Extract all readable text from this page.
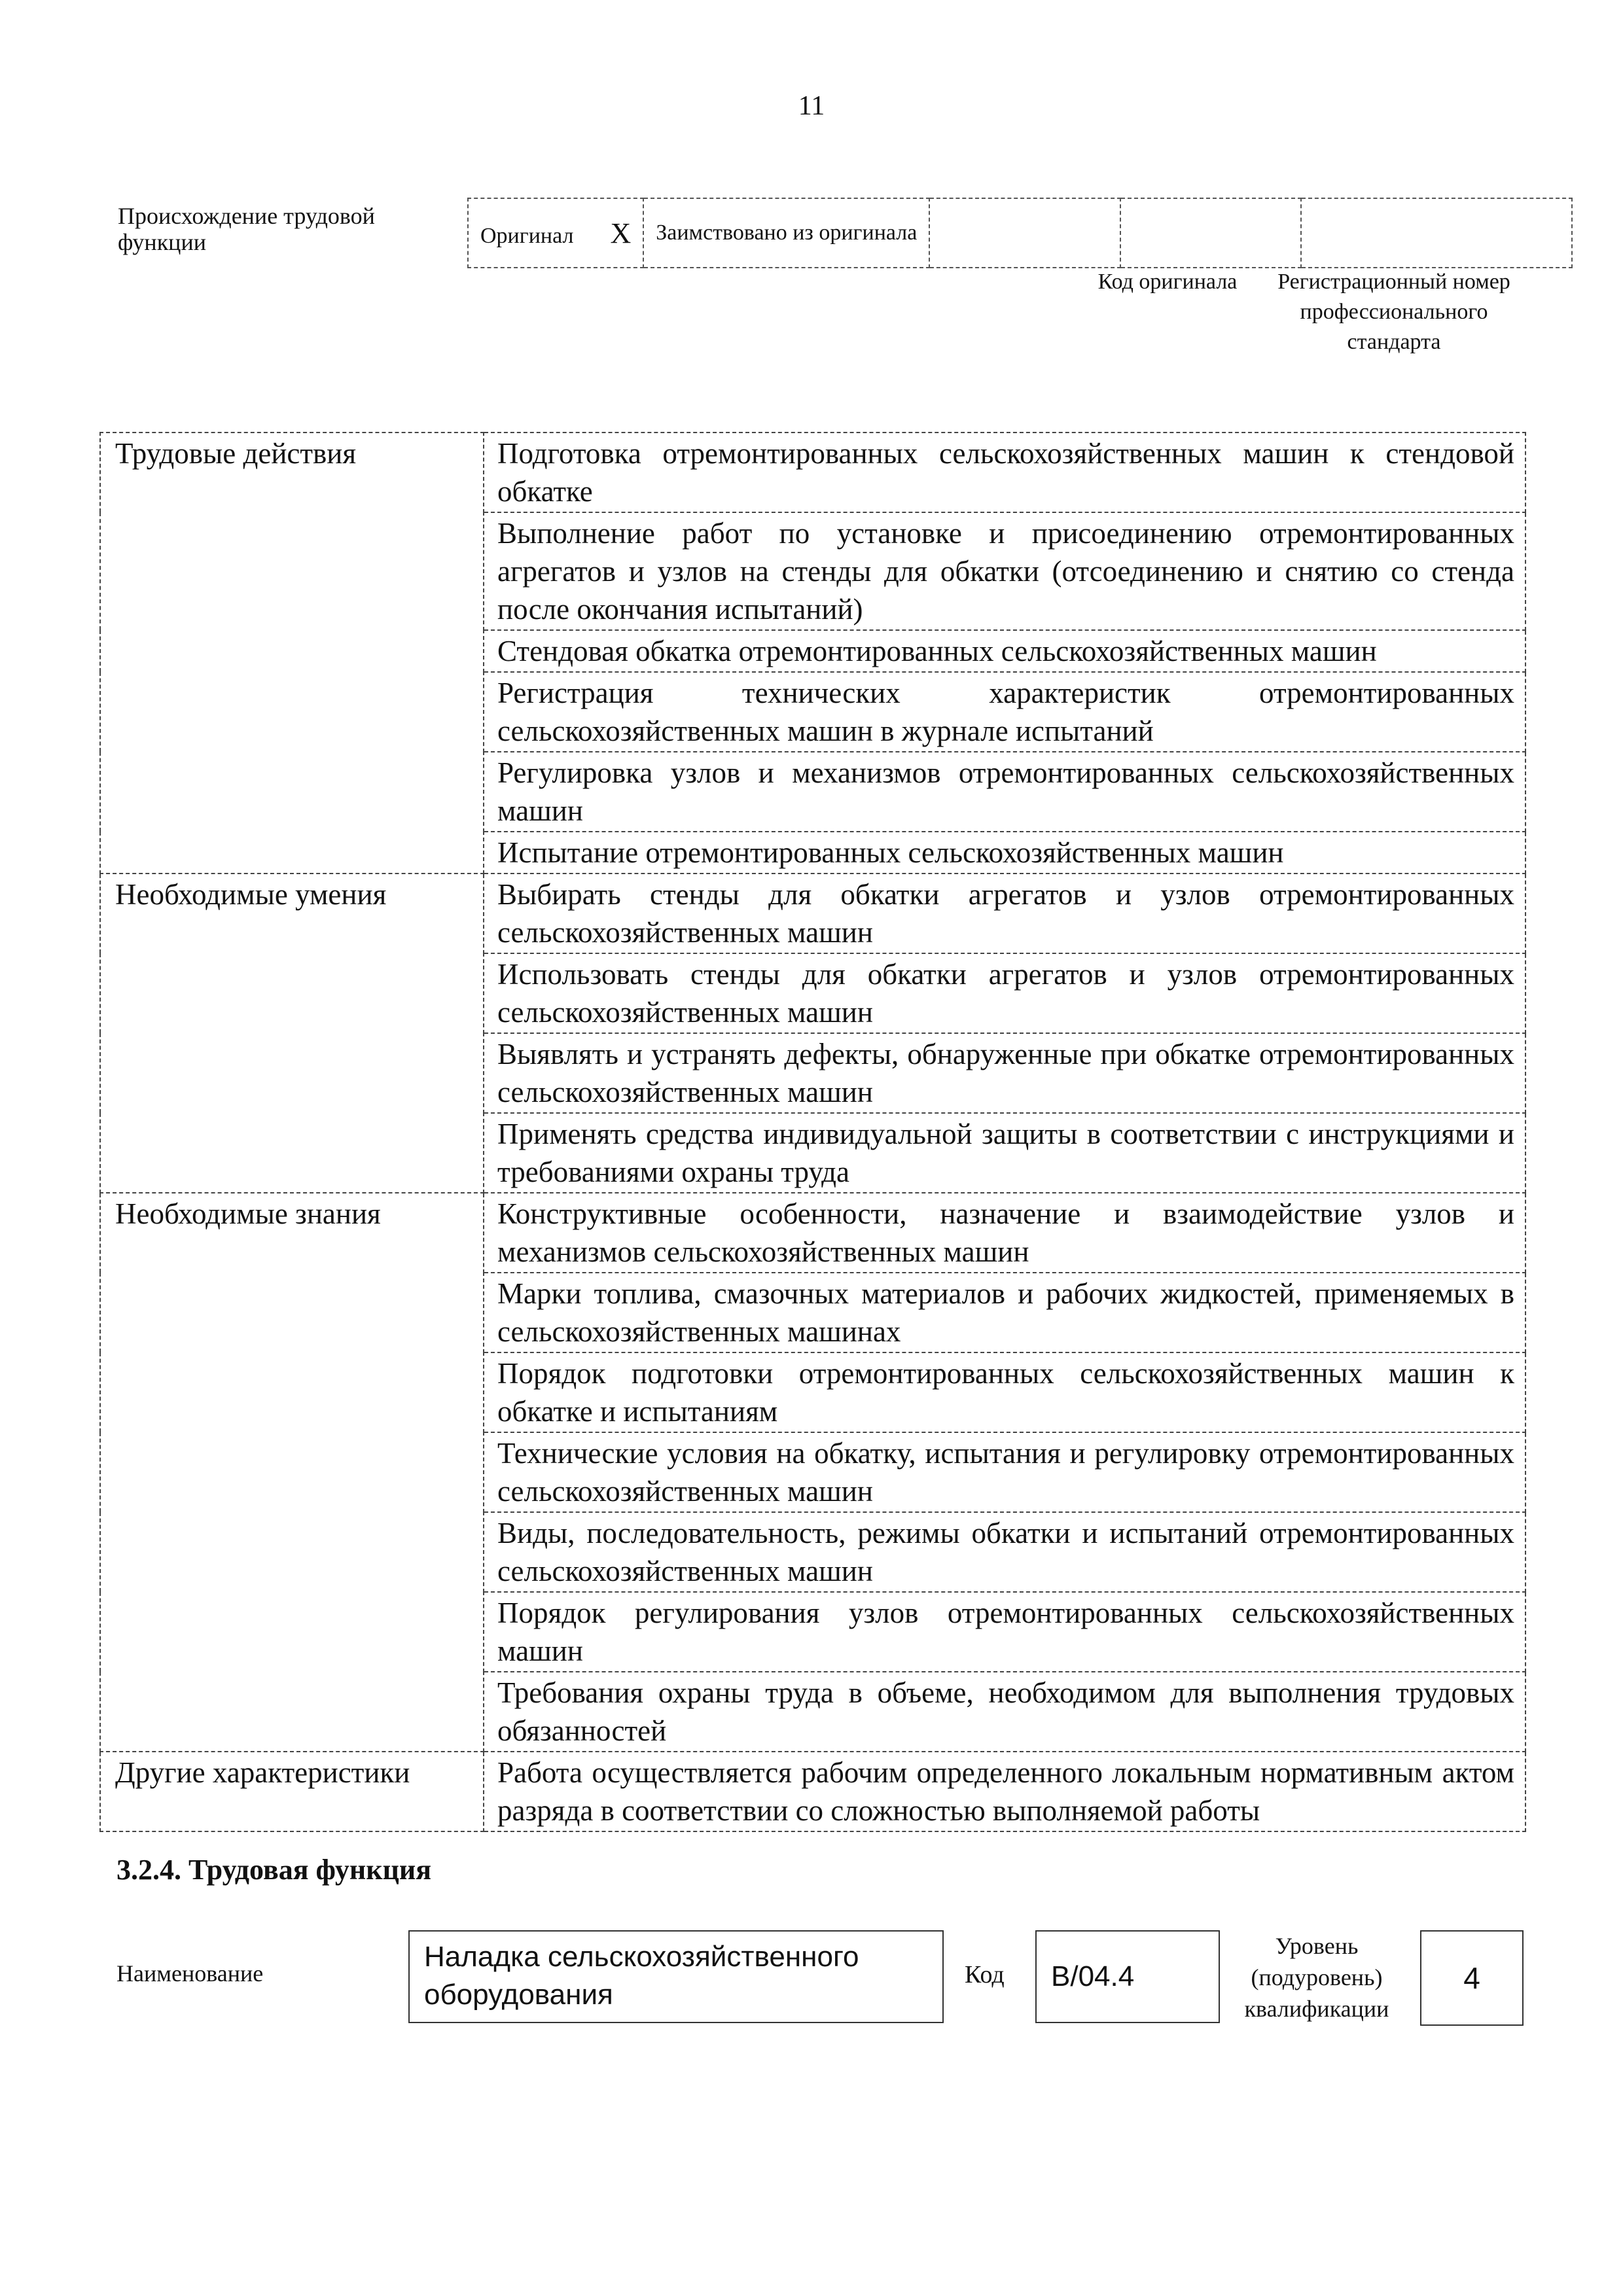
11
Происхождение трудовой функции	Оригинал X	Заимствовано из оригинала			
Код оригинала	Регистрационный номер профессионального стандарта
Трудовые действия	Подготовка отремонтированных сельскохозяйственных машин к стендовой обкатке
	Выполнение работ по установке и присоединению отремонтированных агрегатов и узлов на стенды для обкатки (отсоединению и снятию со стенда после окончания испытаний)
	Стендовая обкатка отремонтированных сельскохозяйственных машин
	Регистрация технических характеристик отремонтированных сельскохозяйственных машин в журнале испытаний
	Регулировка узлов и механизмов отремонтированных сельскохозяйственных машин
	Испытание отремонтированных сельскохозяйственных машин
Необходимые умения	Выбирать стенды для обкатки агрегатов и узлов отремонтированных сельскохозяйственных машин
	Использовать стенды для обкатки агрегатов и узлов отремонтированных сельскохозяйственных машин
	Выявлять и устранять дефекты, обнаруженные при обкатке отремонтированных сельскохозяйственных машин
	Применять средства индивидуальной защиты в соответствии с инструкциями и требованиями охраны труда
Необходимые знания	Конструктивные особенности, назначение и взаимодействие узлов и механизмов сельскохозяйственных машин
	Марки топлива, смазочных материалов и рабочих жидкостей, применяемых в сельскохозяйственных машинах
	Порядок подготовки отремонтированных сельскохозяйственных машин к обкатке и испытаниям
	Технические условия на обкатку, испытания и регулировку отремонтированных сельскохозяйственных машин
	Виды, последовательность, режимы обкатки и испытаний отремонтированных сельскохозяйственных машин
	Порядок регулирования узлов отремонтированных сельскохозяйственных машин
	Требования охраны труда в объеме, необходимом для выполнения трудовых обязанностей
Другие характеристики	Работа осуществляется рабочим определенного локальным нормативным актом разряда в соответствии со сложностью выполняемой работы
3.2.4. Трудовая функция
Наименование
Наладка сельскохозяйственного оборудования
Код	B/04.4
Уровень (подуровень) квалификации
4
